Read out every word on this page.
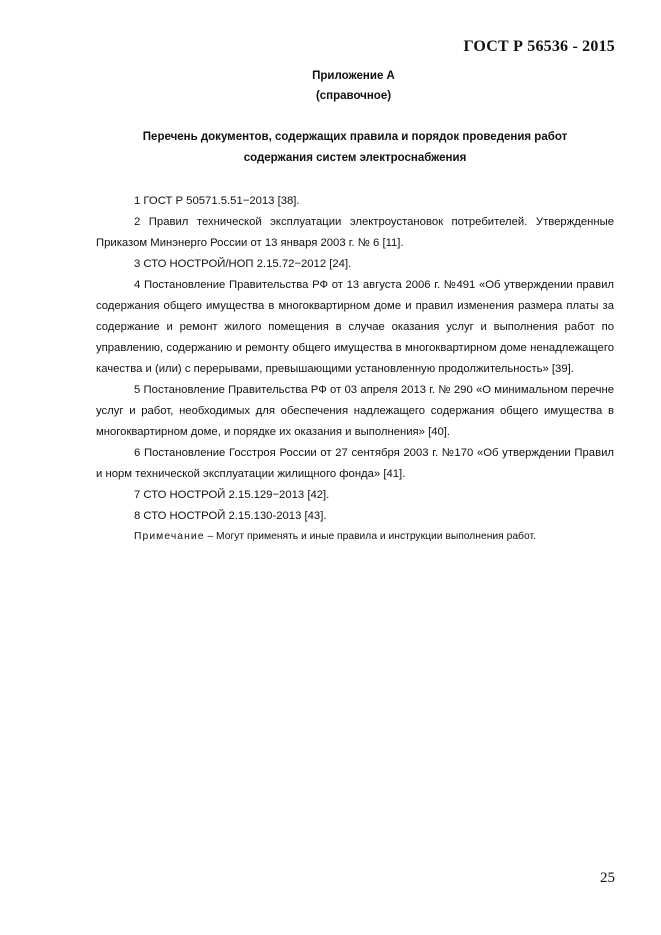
ГОСТ Р 56536 - 2015
Приложение А
(справочное)
Перечень документов, содержащих правила и порядок проведения работ
содержания систем электроснабжения

1 ГОСТ Р 50571.5.51−2013 [38].

2 Правил технической эксплуатации электроустановок потребителей. Утвержденные Приказом Минэнерго России от 13 января 2003 г. № 6 [11].

3 СТО НОСТРОЙ/НОП 2.15.72−2012 [24].

4 Постановление Правительства РФ от 13 августа 2006 г. №491 «Об утверждении правил содержания общего имущества в многоквартирном доме и правил изменения размера платы за содержание и ремонт жилого помещения в случае оказания услуг и выполнения работ по управлению, содержанию и ремонту общего имущества в многоквартирном доме ненадлежащего качества и (или) с перерывами, превышающими установленную продолжительность» [39].

5 Постановление Правительства РФ от 03 апреля 2013 г. № 290 «О минимальном перечне услуг и работ, необходимых для обеспечения надлежащего содержания общего имущества в многоквартирном доме, и порядке их оказания и выполнения» [40].

6 Постановление Госстроя России от 27 сентября 2003 г. №170 «Об утверждении Правил и норм технической эксплуатации жилищного фонда» [41].

7 СТО НОСТРОЙ 2.15.129−2013 [42].

8 СТО НОСТРОЙ 2.15.130-2013 [43].

Примечание – Могут применять и иные правила и инструкции выполнения работ.

25
